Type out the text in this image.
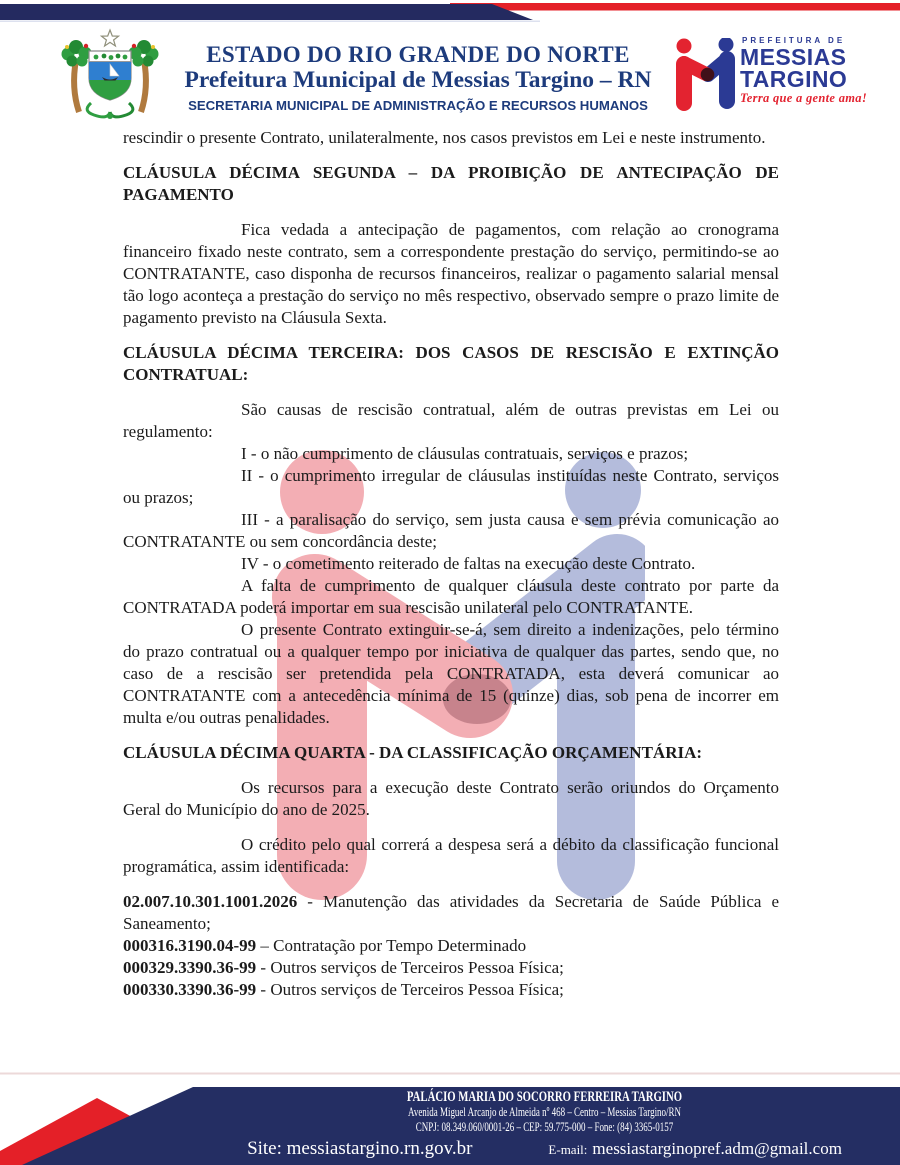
ESTADO DO RIO GRANDE DO NORTE
Prefeitura Municipal de Messias Targino – RN
SECRETARIA MUNICIPAL DE ADMINISTRAÇÃO E RECURSOS HUMANOS
PREFEITURA DE
MESSIAS
TARGINO
Terra que a gente ama!

rescindir o presente Contrato, unilateralmente, nos casos previstos em Lei e neste instrumento.

CLÁUSULA DÉCIMA SEGUNDA – DA PROIBIÇÃO DE ANTECIPAÇÃO DE PAGAMENTO

Fica vedada a antecipação de pagamentos, com relação ao cronograma financeiro fixado neste contrato, sem a correspondente prestação do serviço, permitindo-se ao CONTRATANTE, caso disponha de recursos financeiros, realizar o pagamento salarial mensal tão logo aconteça a prestação do serviço no mês respectivo, observado sempre o prazo limite de pagamento previsto na Cláusula Sexta.

CLÁUSULA DÉCIMA TERCEIRA: DOS CASOS DE RESCISÃO E EXTINÇÃO CONTRATUAL:

São causas de rescisão contratual, além de outras previstas em Lei ou regulamento:

I - o não cumprimento de cláusulas contratuais, serviços e prazos;

II - o cumprimento irregular de cláusulas instituídas neste Contrato, serviços ou prazos;

III - a paralisação do serviço, sem justa causa e sem prévia comunicação ao CONTRATANTE ou sem concordância deste;

IV - o cometimento reiterado de faltas na execução deste Contrato.

A falta de cumprimento de qualquer cláusula deste contrato por parte da CONTRATADA poderá importar em sua rescisão unilateral pelo CONTRATANTE.

O presente Contrato extinguir-se-á, sem direito a indenizações, pelo término do prazo contratual ou a qualquer tempo por iniciativa de qualquer das partes, sendo que, no caso de a rescisão ser pretendida pela CONTRATADA, esta deverá comunicar ao CONTRATANTE com a antecedência mínima de 15 (quinze) dias, sob pena de incorrer em multa e/ou outras penalidades.

CLÁUSULA DÉCIMA QUARTA - DA CLASSIFICAÇÃO ORÇAMENTÁRIA:

Os recursos para a execução deste Contrato serão oriundos do Orçamento Geral do Município do ano de 2025.

O crédito pelo qual correrá a despesa será a débito da classificação funcional programática, assim identificada:

02.007.10.301.1001.2026 - Manutenção das atividades da Secretaria de Saúde Pública e Saneamento;

000316.3190.04-99 – Contratação por Tempo Determinado

000329.3390.36-99 - Outros serviços de Terceiros Pessoa Física;

000330.3390.36-99 - Outros serviços de Terceiros Pessoa Física;

PALÁCIO MARIA DO SOCORRO FERREIRA TARGINO
Avenida Miguel Arcanjo de Almeida nº 468 – Centro – Messias Targino/RN
CNPJ: 08.349.060/0001-26 – CEP: 59.775-000 – Fone: (84) 3365-0157
Site: messiastargino.rn.gov.br	E-mail: messiastarginopref.adm@gmail.com
